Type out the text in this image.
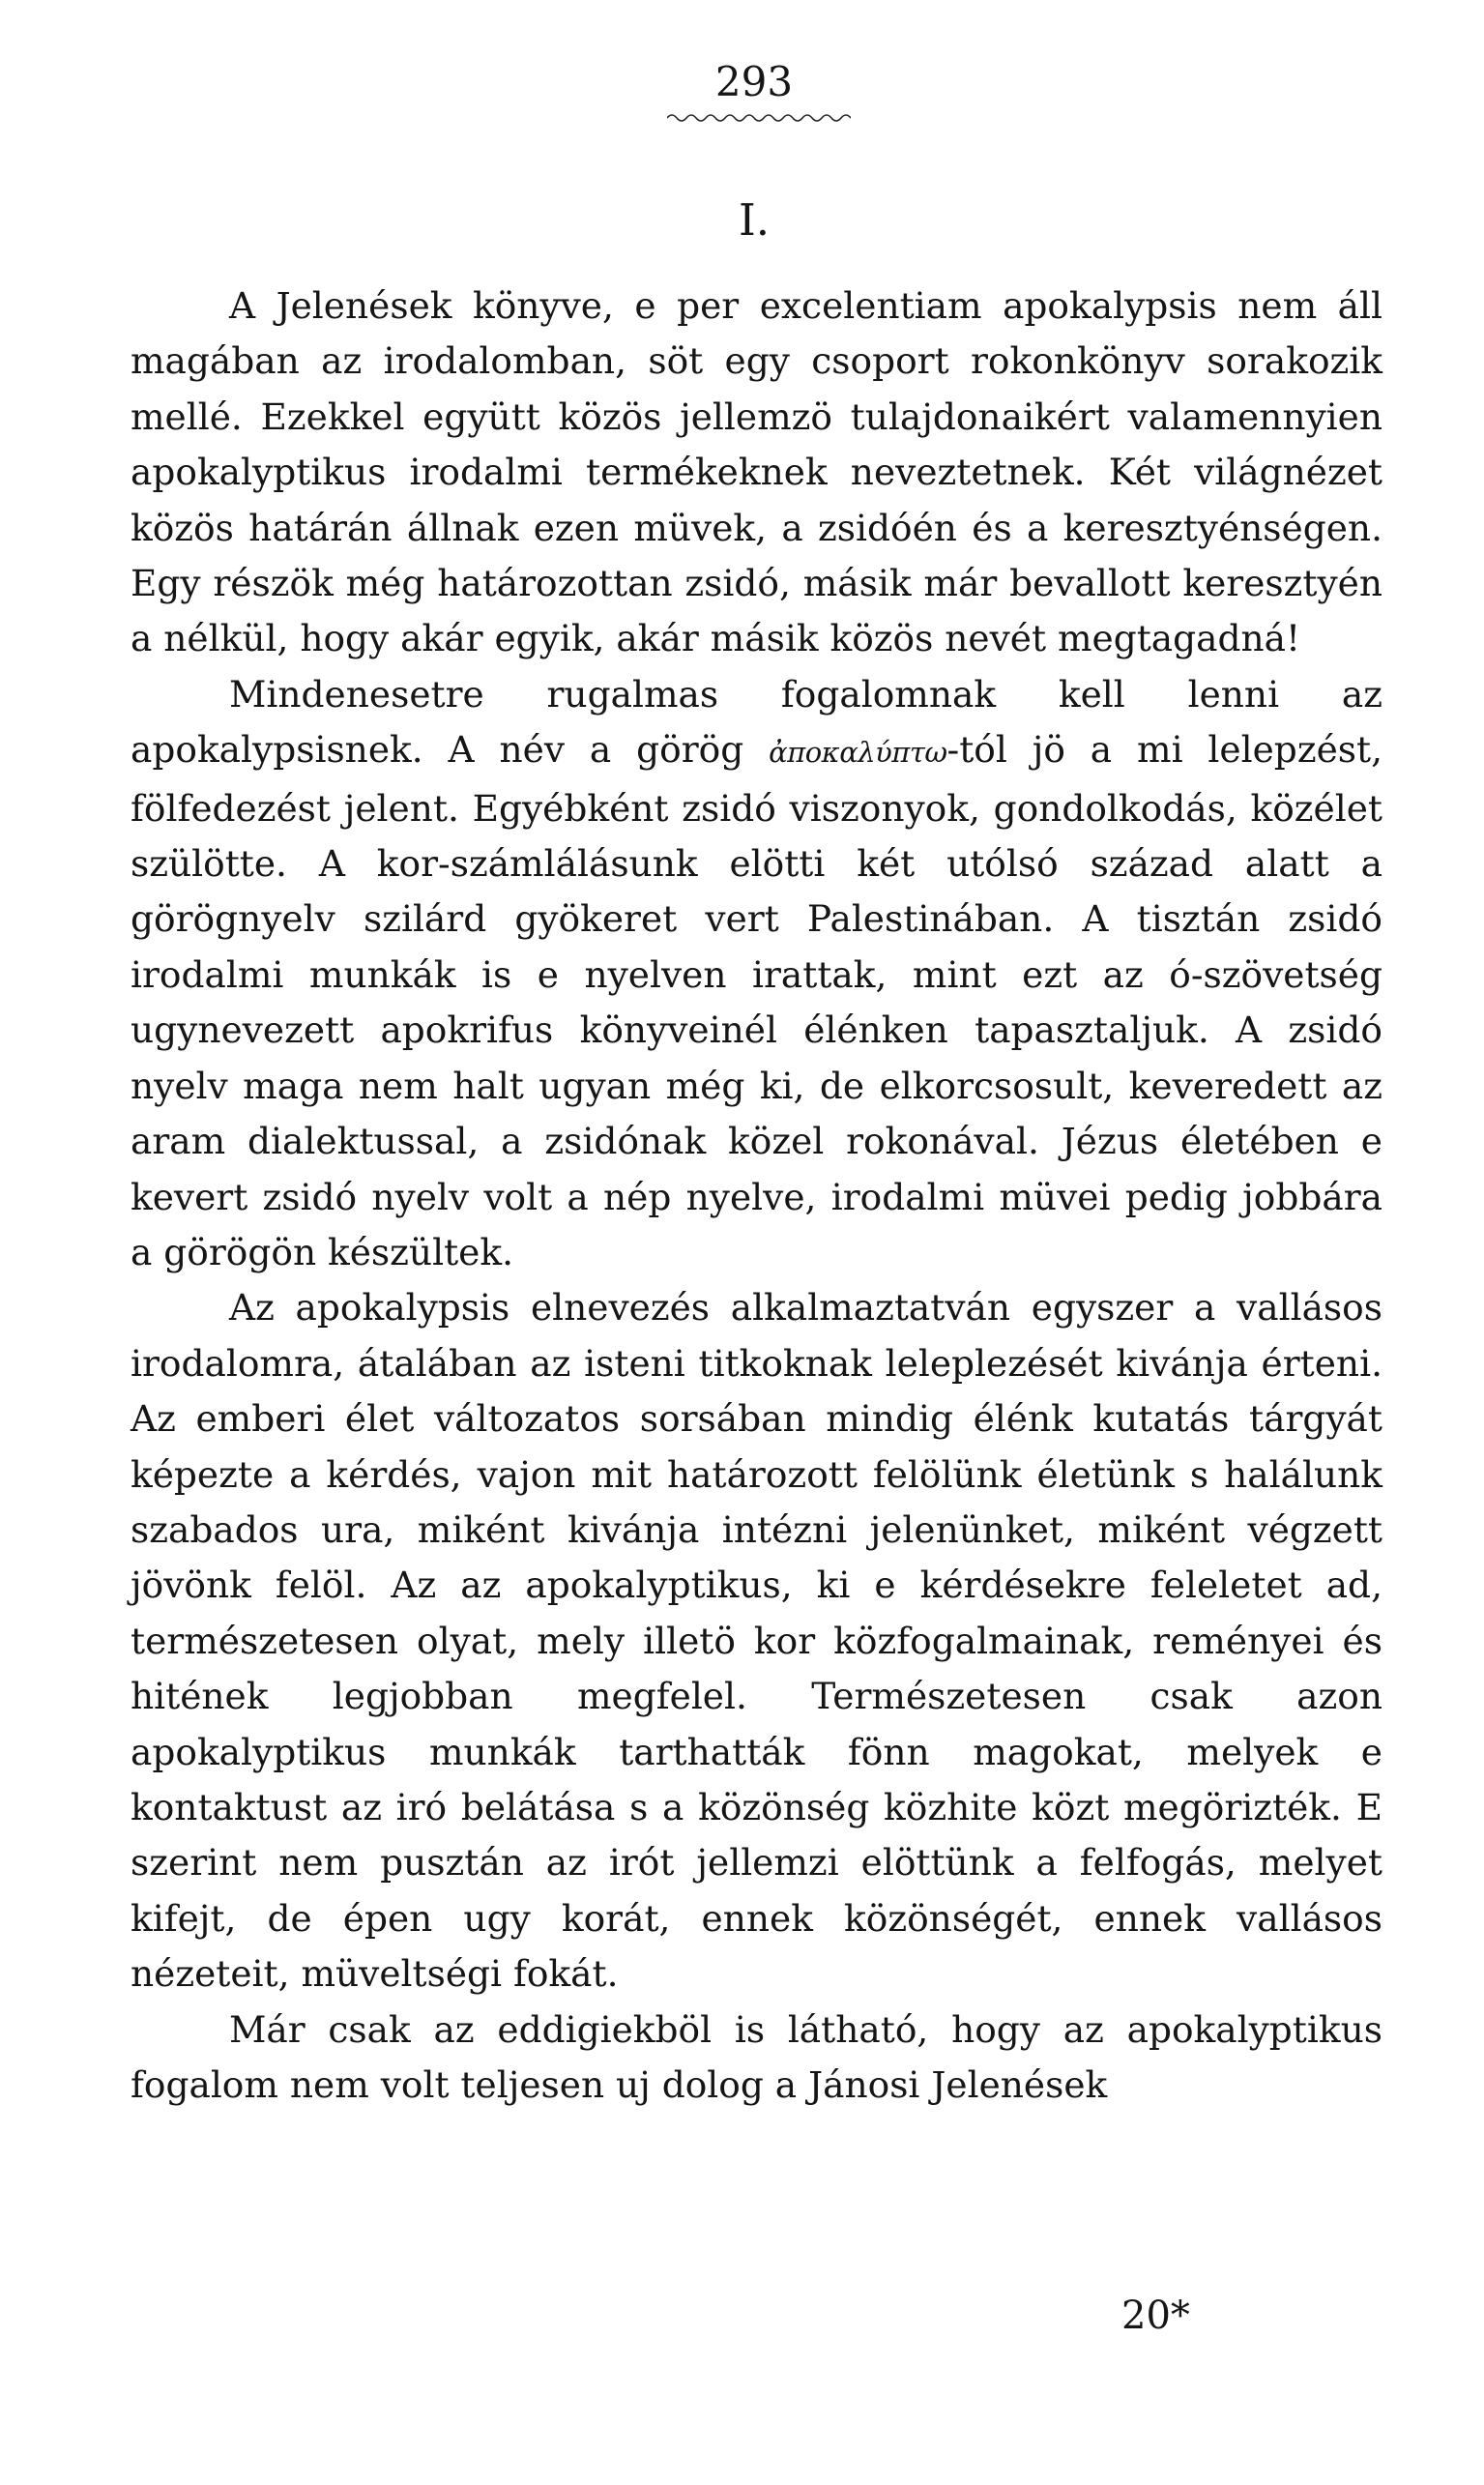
293
I.

A Jelenések könyve, e per excelentiam apokalypsis nem áll magában az irodalomban, söt egy csoport rokonkönyv sorakozik mellé. Ezekkel együtt közös jellemzö tulajdonaikért valamennyien apokalyptikus irodalmi termékeknek neveztetnek. Két világnézet közös határán állnak ezen müvek, a zsidóén és a keresztyénségen. Egy részök még határozottan zsidó, másik már bevallott keresztyén a nélkül, hogy akár egyik, akár másik közös nevét megtagadná!

Mindenesetre rugalmas fogalomnak kell lenni az apokalypsisnek. A név a görög ἀποκαλύπτω-tól jö a mi lelepzést, fölfedezést jelent. Egyébként zsidó viszonyok, gondolkodás, közélet szülötte. A kor-számlálásunk elötti két utólsó század alatt a görögnyelv szilárd gyökeret vert Palestinában. A tisztán zsidó irodalmi munkák is e nyelven irattak, mint ezt az ó-szövetség ugynevezett apokrifus könyveinél élénken tapasztaljuk. A zsidó nyelv maga nem halt ugyan még ki, de elkorcsosult, keveredett az aram dialektussal, a zsidónak közel rokonával. Jézus életében e kevert zsidó nyelv volt a nép nyelve, irodalmi müvei pedig jobbára a görögön készültek.

Az apokalypsis elnevezés alkalmaztatván egyszer a vallásos irodalomra, átalában az isteni titkoknak leleplezését kivánja érteni. Az emberi élet változatos sorsában mindig élénk kutatás tárgyát képezte a kérdés, vajon mit határozott felölünk életünk s halálunk szabados ura, miként kivánja intézni jelenünket, miként végzett jövönk felöl. Az az apokalyptikus, ki e kérdésekre feleletet ad, természetesen olyat, mely illetö kor közfogalmainak, reményei és hitének legjobban megfelel. Természetesen csak azon apokalyptikus munkák tarthatták fönn magokat, melyek e kontaktust az iró belátása s a közönség közhite közt megörizték. E szerint nem pusztán az irót jellemzi elöttünk a felfogás, melyet kifejt, de épen ugy korát, ennek közönségét, ennek vallásos nézeteit, müveltségi fokát.

Már csak az eddigiekböl is látható, hogy az apokalyptikus fogalom nem volt teljesen uj dolog a Jánosi Jelenések

20*
